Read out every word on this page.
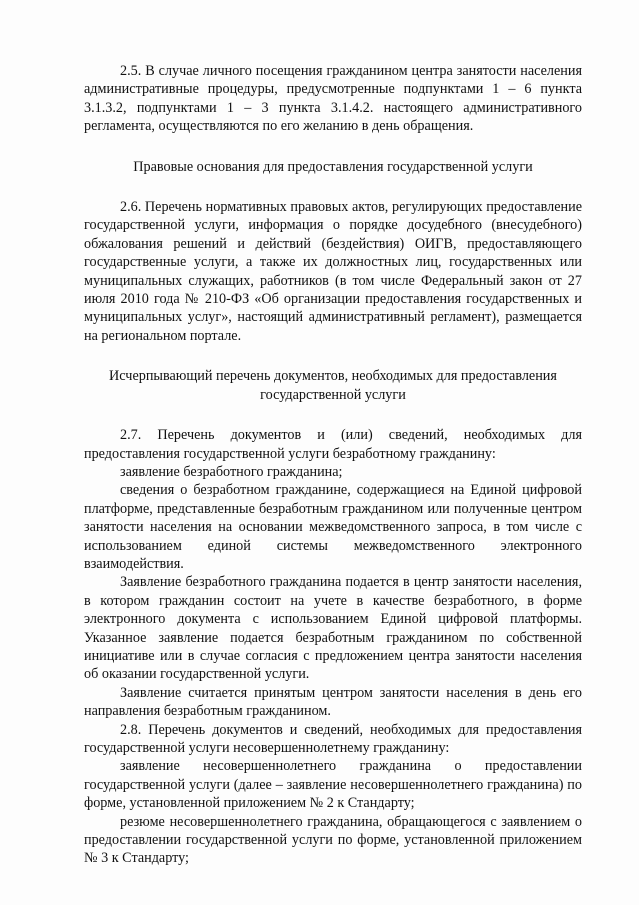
2.5. В случае личного посещения гражданином центра занятости населения административные процедуры, предусмотренные подпунктами 1 – 6 пункта 3.1.3.2, подпунктами 1 – 3 пункта 3.1.4.2. настоящего административного регламента, осуществляются по его желанию в день обращения.

Правовые основания для предоставления государственной услуги

2.6. Перечень нормативных правовых актов, регулирующих предоставление государственной услуги, информация о порядке досудебного (внесудебного) обжалования решений и действий (бездействия) ОИГВ, предоставляющего государственные услуги, а также их должностных лиц, государственных или муниципальных служащих, работников (в том числе Федеральный закон от 27 июля 2010 года № 210-ФЗ «Об организации предоставления государственных и муниципальных услуг», настоящий административный регламент), размещается на региональном портале.

Исчерпывающий перечень документов, необходимых для предоставления государственной услуги

2.7. Перечень документов и (или) сведений, необходимых для предоставления государственной услуги безработному гражданину:

заявление безработного гражданина;

сведения о безработном гражданине, содержащиеся на Единой цифровой платформе, представленные безработным гражданином или полученные центром занятости населения на основании межведомственного запроса, в том числе с использованием единой системы межведомственного электронного взаимодействия.

Заявление безработного гражданина подается в центр занятости населения, в котором гражданин состоит на учете в качестве безработного, в форме электронного документа с использованием Единой цифровой платформы. Указанное заявление подается безработным гражданином по собственной инициативе или в случае согласия с предложением центра занятости населения об оказании государственной услуги.

Заявление считается принятым центром занятости населения в день его направления безработным гражданином.

2.8. Перечень документов и сведений, необходимых для предоставления государственной услуги несовершеннолетнему гражданину:

заявление несовершеннолетнего гражданина о предоставлении государственной услуги (далее – заявление несовершеннолетнего гражданина) по форме, установленной приложением № 2 к Стандарту;

резюме несовершеннолетнего гражданина, обращающегося с заявлением о предоставлении государственной услуги по форме, установленной приложением № 3 к Стандарту;
